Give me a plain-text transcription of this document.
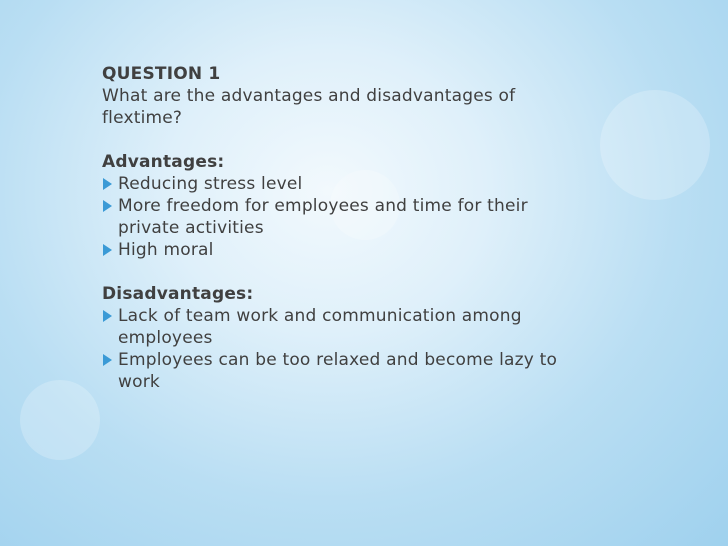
QUESTION 1

What are the advantages and disadvantages of flextime?

Advantages:

Reducing stress level
More freedom for employees and time for their private activities
High moral

Disadvantages:

Lack of team work and communication among employees
Employees can be too relaxed and become lazy to work
